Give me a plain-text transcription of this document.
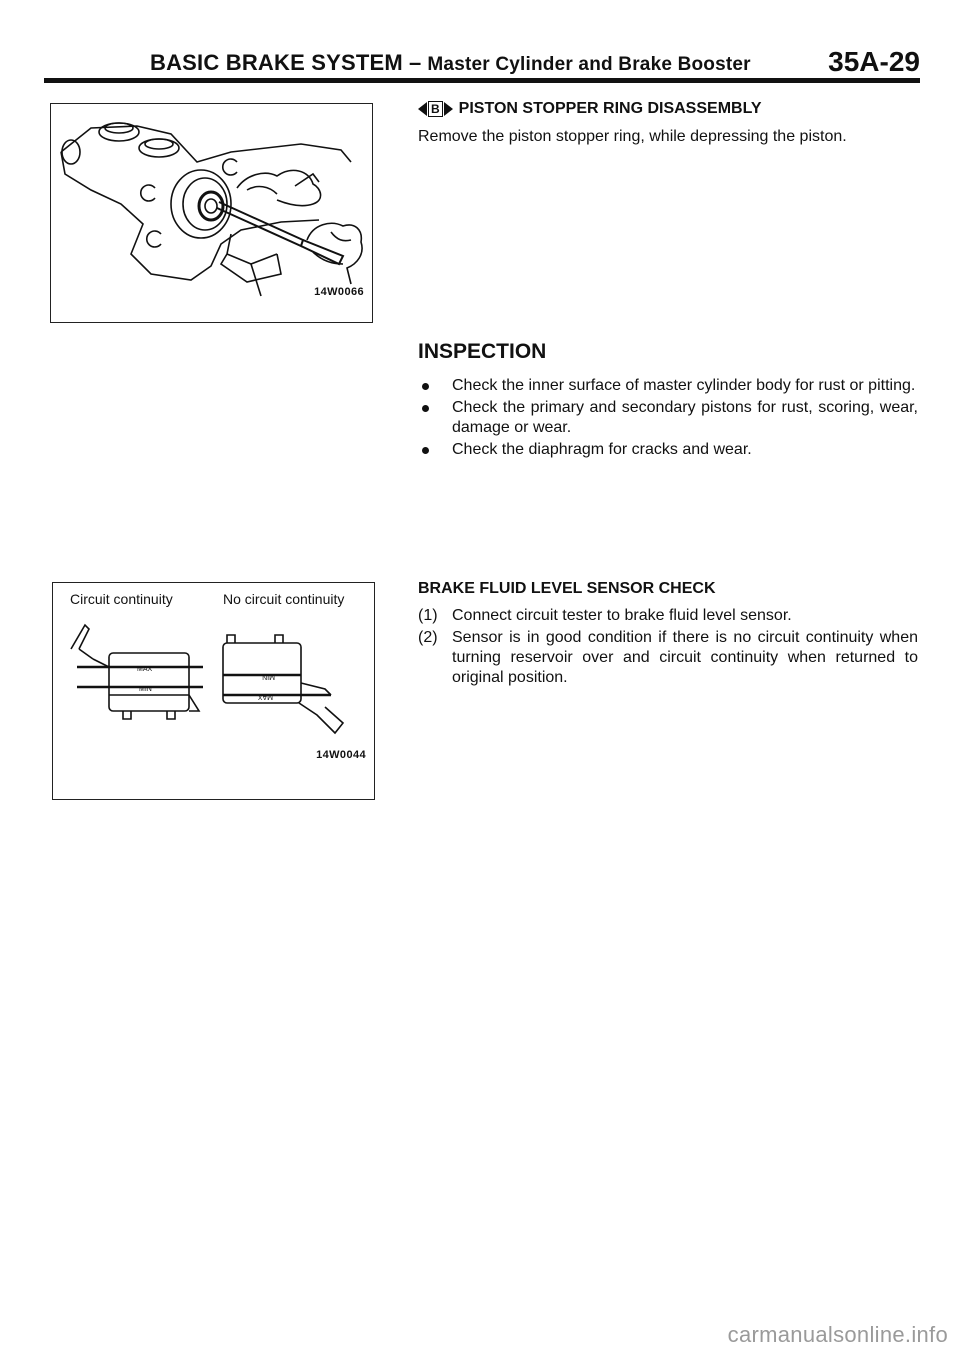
BASIC BRAKE SYSTEM – Master Cylinder and Brake Booster	35A-29
14W0066
Circuit continuity	No circuit continuity
MAX
MIN
MIN
MAX
14W0044
B PISTON STOPPER RING DISASSEMBLY

Remove the piston stopper ring, while depressing the piston.

INSPECTION
Check the inner surface of master cylinder body for rust or pitting.
Check the primary and secondary pistons for rust, scoring, wear, damage or wear.
Check the diaphragm for cracks and wear.
BRAKE FLUID LEVEL SENSOR CHECK
(1) Connect circuit tester to brake fluid level sensor.
(2) Sensor is in good condition if there is no circuit continuity when turning reservoir over and circuit continuity when returned to original position.
carmanualsonline.info
